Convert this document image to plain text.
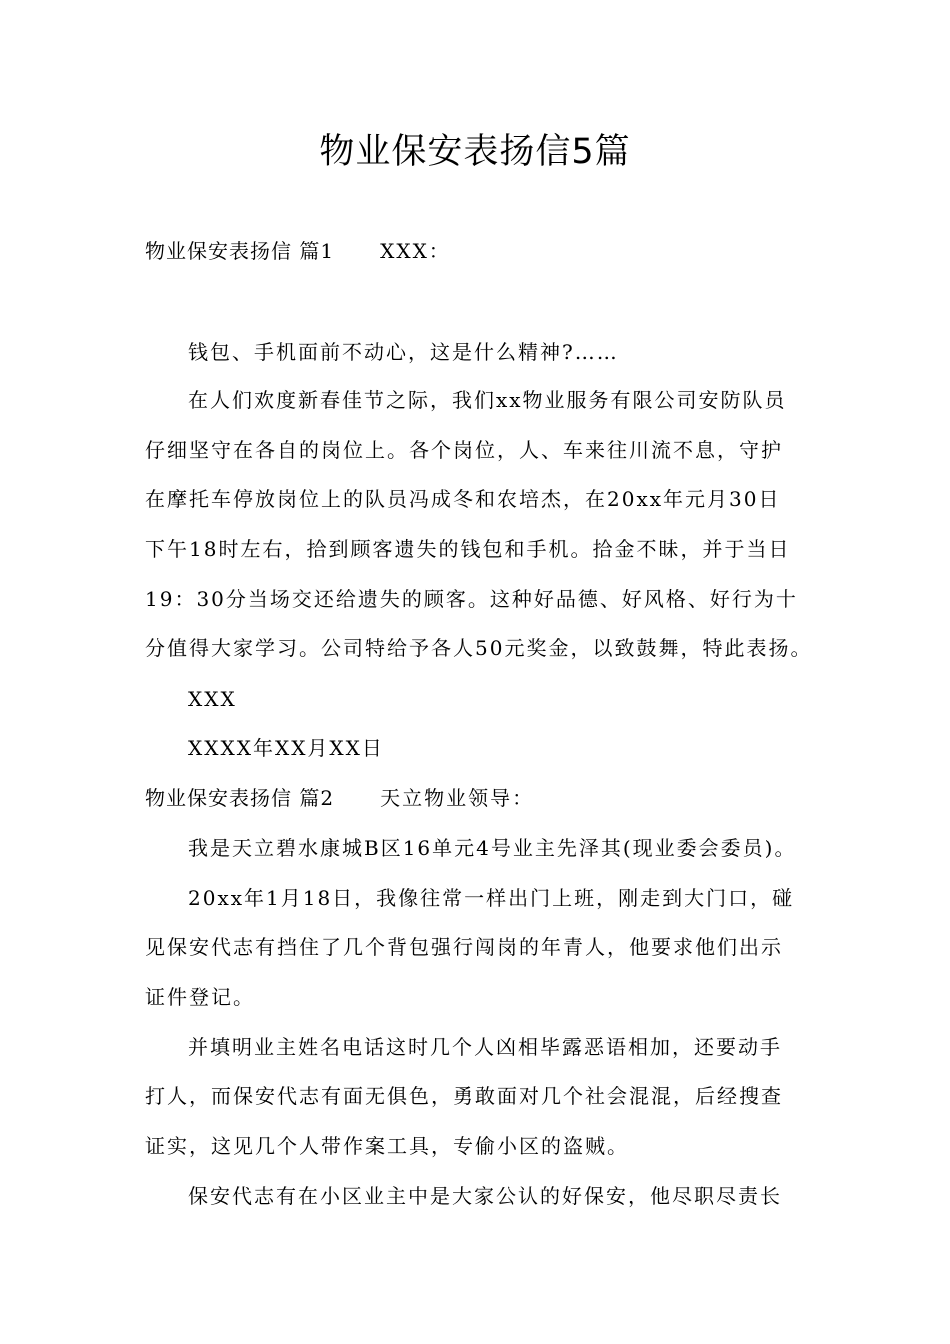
物业保安表扬信5篇
物业保安表扬信 篇1 XXX：
钱包、手机面前不动心，这是什么精神?……
在人们欢度新春佳节之际，我们xx物业服务有限公司安防队员
仔细坚守在各自的岗位上。各个岗位，人、车来往川流不息，守护
在摩托车停放岗位上的队员冯成冬和农培杰，在20xx年元月30日
下午18时左右，拾到顾客遗失的钱包和手机。拾金不昧，并于当日
19：30分当场交还给遗失的顾客。这种好品德、好风格、好行为十
分值得大家学习。公司特给予各人50元奖金，以致鼓舞，特此表扬。
XXX
XXXX年XX月XX日
物业保安表扬信 篇2 天立物业领导：
我是天立碧水康城B区16单元4号业主先泽其(现业委会委员)。
20xx年1月18日，我像往常一样出门上班，刚走到大门口，碰
见保安代志有挡住了几个背包强行闯岗的年青人，他要求他们出示
证件登记。
并填明业主姓名电话这时几个人凶相毕露恶语相加，还要动手
打人，而保安代志有面无俱色，勇敢面对几个社会混混，后经搜查
证实，这见几个人带作案工具，专偷小区的盗贼。
保安代志有在小区业主中是大家公认的好保安，他尽职尽责长
